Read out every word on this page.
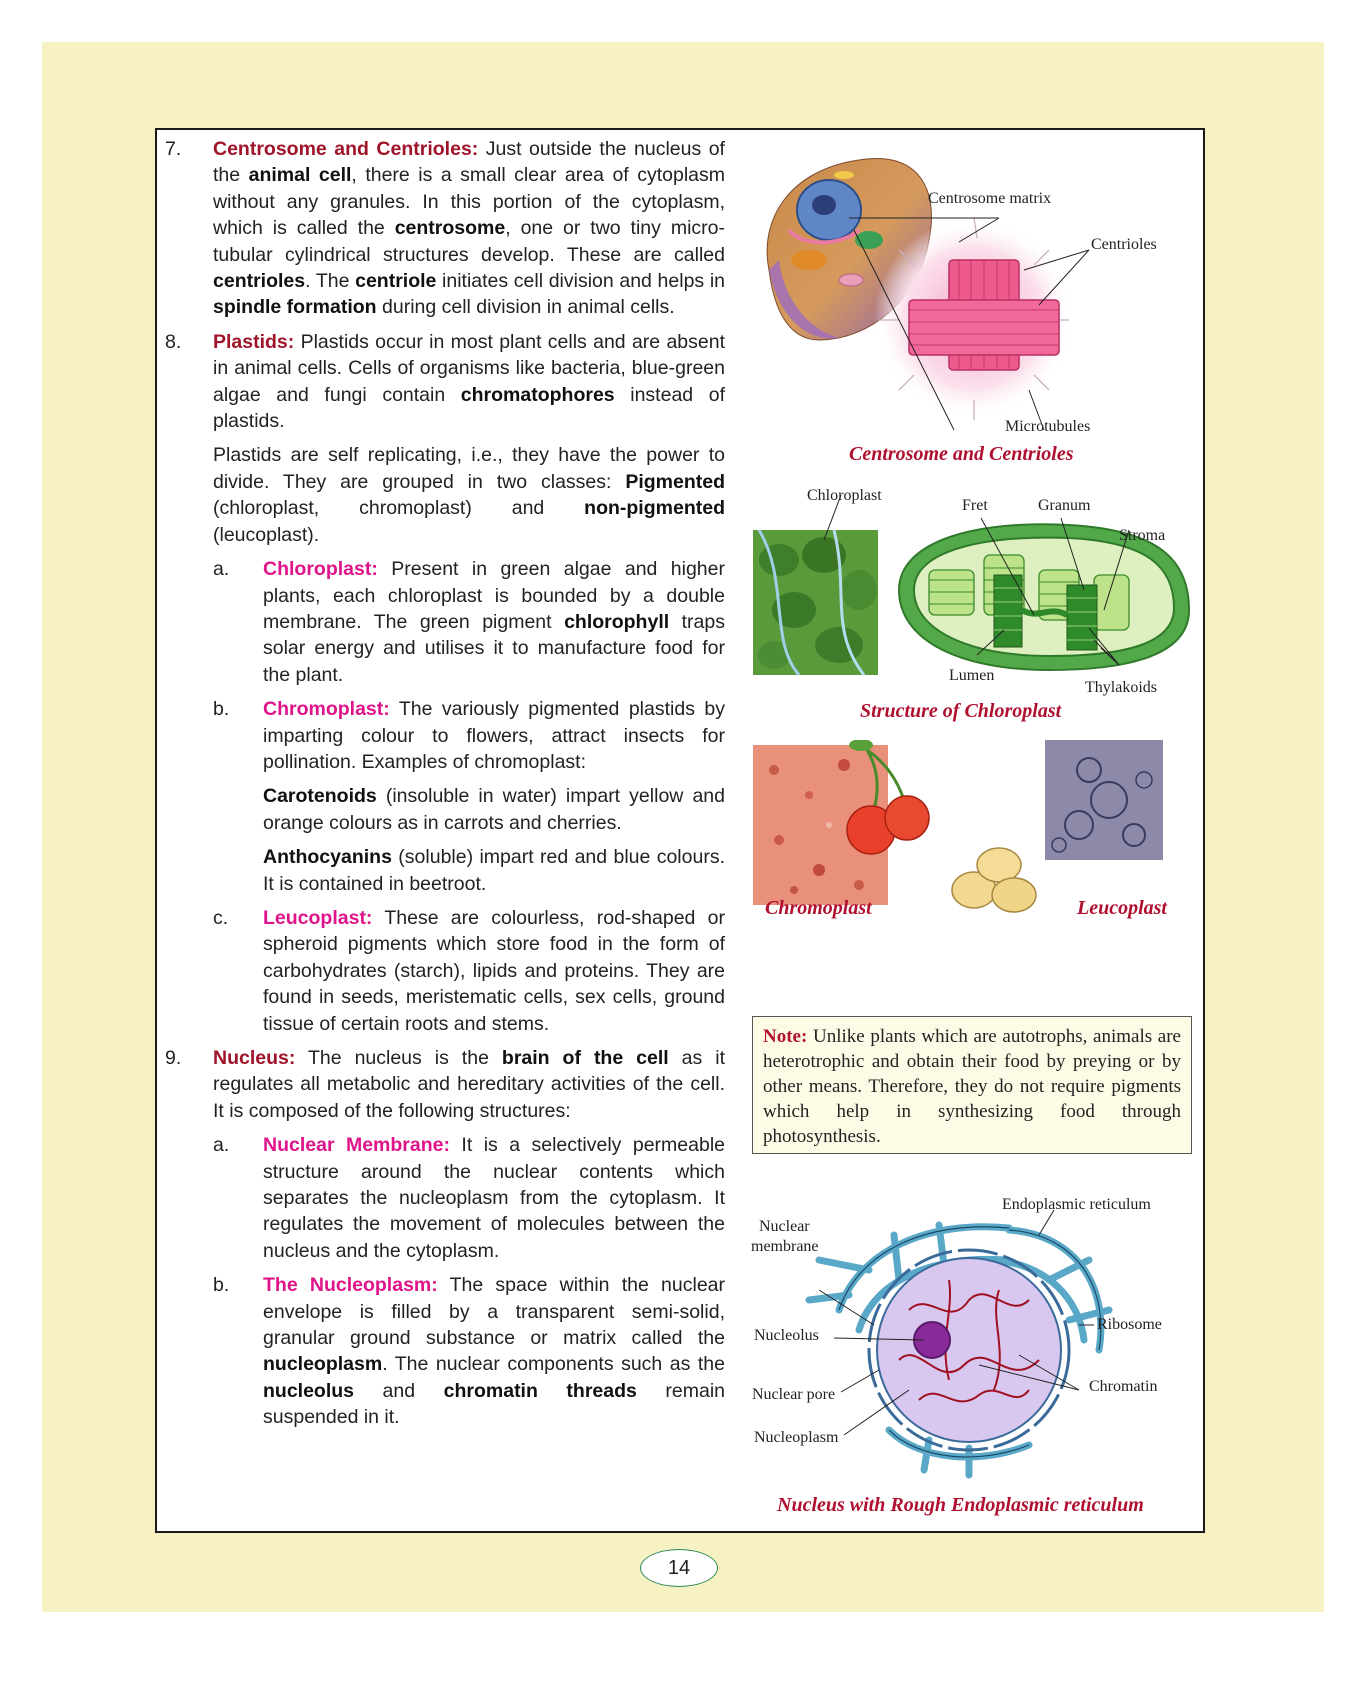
7. Centrosome and Centrioles: Just outside the nucleus of the animal cell, there is a small clear area of cytoplasm without any granules. In this portion of the cytoplasm, which is called the centrosome, one or two tiny micro-tubular cylindrical structures develop. These are called centrioles. The centriole initiates cell division and helps in spindle formation during cell division in animal cells.
8. Plastids: Plastids occur in most plant cells and are absent in animal cells. Cells of organisms like bacteria, blue-green algae and fungi contain chromatophores instead of plastids.
Plastids are self replicating, i.e., they have the power to divide. They are grouped in two classes: Pigmented (chloroplast, chromoplast) and non-pigmented (leucoplast).
a. Chloroplast: Present in green algae and higher plants, each chloroplast is bounded by a double membrane. The green pigment chlorophyll traps solar energy and utilises it to manufacture food for the plant.
b. Chromoplast: The variously pigmented plastids by imparting colour to flowers, attract insects for pollination. Examples of chromoplast:
Carotenoids (insoluble in water) impart yellow and orange colours as in carrots and cherries.
Anthocyanins (soluble) impart red and blue colours. It is contained in beetroot.
c. Leucoplast: These are colourless, rod-shaped or spheroid pigments which store food in the form of carbohydrates (starch), lipids and proteins. They are found in seeds, meristematic cells, sex cells, ground tissue of certain roots and stems.
9. Nucleus: The nucleus is the brain of the cell as it regulates all metabolic and hereditary activities of the cell. It is composed of the following structures:
a. Nuclear Membrane: It is a selectively permeable structure around the nuclear contents which separates the nucleoplasm from the cytoplasm. It regulates the movement of molecules between the nucleus and the cytoplasm.
b. The Nucleoplasm: The space within the nuclear envelope is filled by a transparent semi-solid, granular ground substance or matrix called the nucleoplasm. The nuclear components such as the nucleolus and chromatin threads remain suspended in it.
Centrosome matrix
Centrioles
Microtubules
Centrosome and Centrioles
Chloroplast
Fret	Granum
Stroma
Lumen
Thylakoids
Structure of Chloroplast
Chromoplast	Leucoplast
Note: Unlike plants which are autotrophs, animals are heterotrophic and obtain their food by preying or by other means. Therefore, they do not require pigments which help in synthesizing food through photosynthesis.
Endoplasmic reticulum
Nuclear
membrane
Ribosome
Nucleolus
Chromatin
Nuclear pore
Nucleoplasm
Nucleus with Rough Endoplasmic reticulum
14
